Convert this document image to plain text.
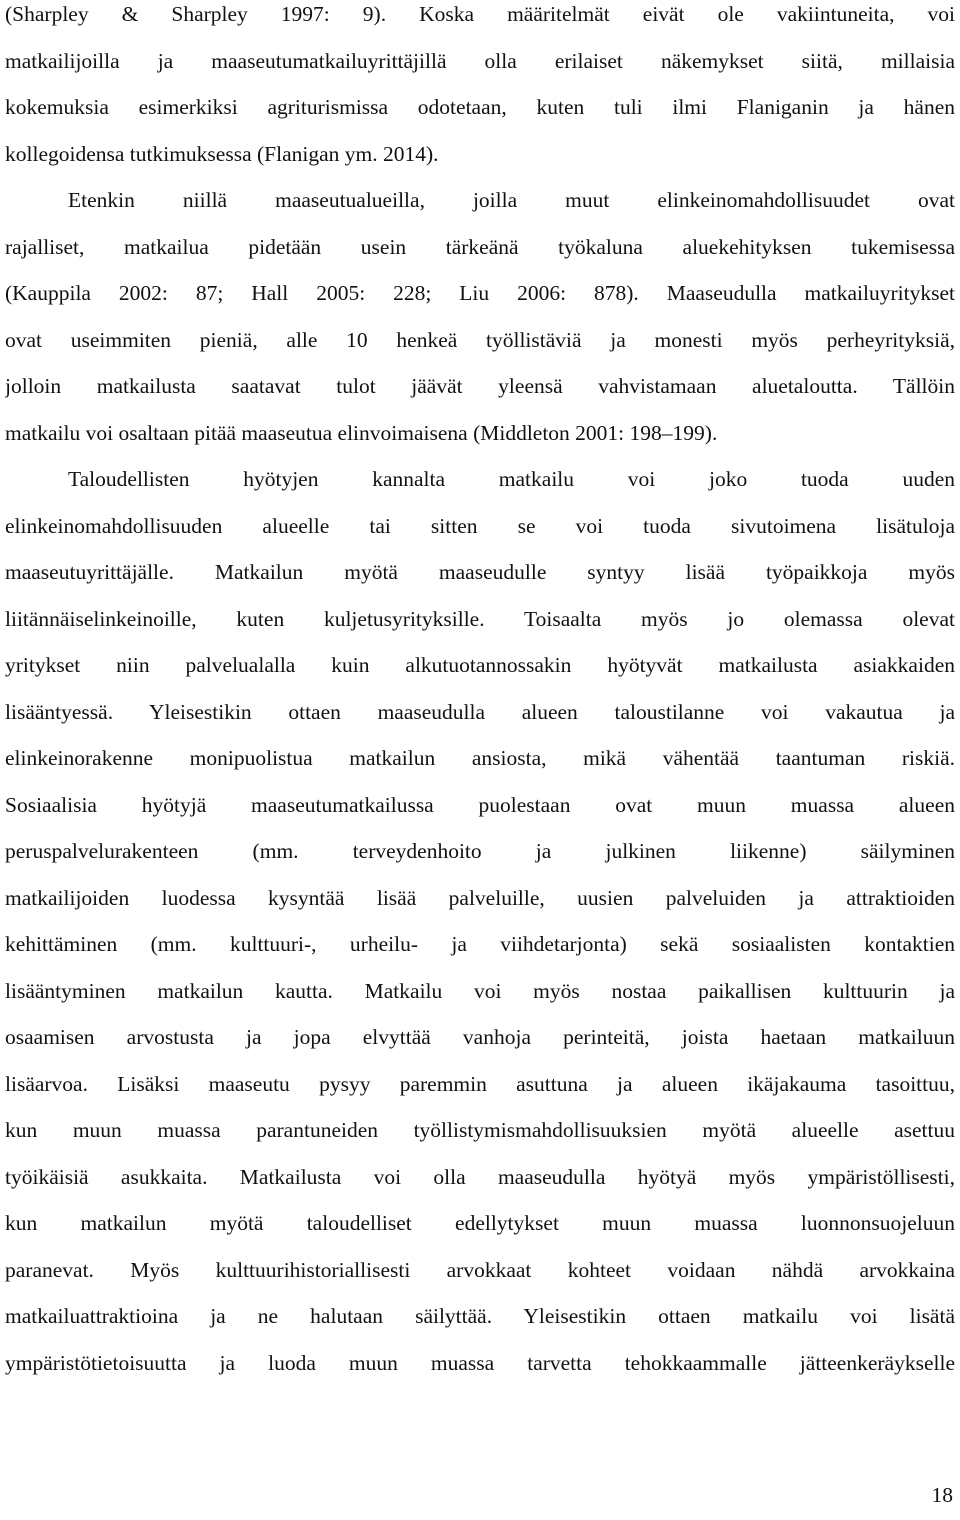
(Sharpley & Sharpley 1997: 9). Koska määritelmät eivät ole vakiintuneita, voi
matkailijoilla ja maaseutumatkailuyrittäjillä olla erilaiset näkemykset siitä, millaisia
kokemuksia esimerkiksi agriturismissa odotetaan, kuten tuli ilmi Flaniganin ja hänen
kollegoidensa tutkimuksessa (Flanigan ym. 2014).
Etenkin niillä maaseutualueilla, joilla muut elinkeinomahdollisuudet ovat
rajalliset, matkailua pidetään usein tärkeänä työkaluna aluekehityksen tukemisessa
(Kauppila 2002: 87; Hall 2005: 228; Liu 2006: 878). Maaseudulla matkailuyritykset
ovat useimmiten pieniä, alle 10 henkeä työllistäviä ja monesti myös perheyrityksiä,
jolloin matkailusta saatavat tulot jäävät yleensä vahvistamaan aluetaloutta. Tällöin
matkailu voi osaltaan pitää maaseutua elinvoimaisena (Middleton 2001: 198–199).
Taloudellisten hyötyjen kannalta matkailu voi joko tuoda uuden
elinkeinomahdollisuuden alueelle tai sitten se voi tuoda sivutoimena lisätuloja
maaseutuyrittäjälle. Matkailun myötä maaseudulle syntyy lisää työpaikkoja myös
liitännäiselinkeinoille, kuten kuljetusyrityksille. Toisaalta myös jo olemassa olevat
yritykset niin palvelualalla kuin alkutuotannossakin hyötyvät matkailusta asiakkaiden
lisääntyessä. Yleisestikin ottaen maaseudulla alueen taloustilanne voi vakautua ja
elinkeinorakenne monipuolistua matkailun ansiosta, mikä vähentää taantuman riskiä.
Sosiaalisia hyötyjä maaseutumatkailussa puolestaan ovat muun muassa alueen
peruspalvelurakenteen (mm. terveydenhoito ja julkinen liikenne) säilyminen
matkailijoiden luodessa kysyntää lisää palveluille, uusien palveluiden ja attraktioiden
kehittäminen (mm. kulttuuri-, urheilu- ja viihdetarjonta) sekä sosiaalisten kontaktien
lisääntyminen matkailun kautta. Matkailu voi myös nostaa paikallisen kulttuurin ja
osaamisen arvostusta ja jopa elvyttää vanhoja perinteitä, joista haetaan matkailuun
lisäarvoa. Lisäksi maaseutu pysyy paremmin asuttuna ja alueen ikäjakauma tasoittuu,
kun muun muassa parantuneiden työllistymismahdollisuuksien myötä alueelle asettuu
työikäisiä asukkaita. Matkailusta voi olla maaseudulla hyötyä myös ympäristöllisesti,
kun matkailun myötä taloudelliset edellytykset muun muassa luonnonsuojeluun
paranevat. Myös kulttuurihistoriallisesti arvokkaat kohteet voidaan nähdä arvokkaina
matkailuattraktioina ja ne halutaan säilyttää. Yleisestikin ottaen matkailu voi lisätä
ympäristötietoisuutta ja luoda muun muassa tarvetta tehokkaammalle jätteenkeräykselle
18
